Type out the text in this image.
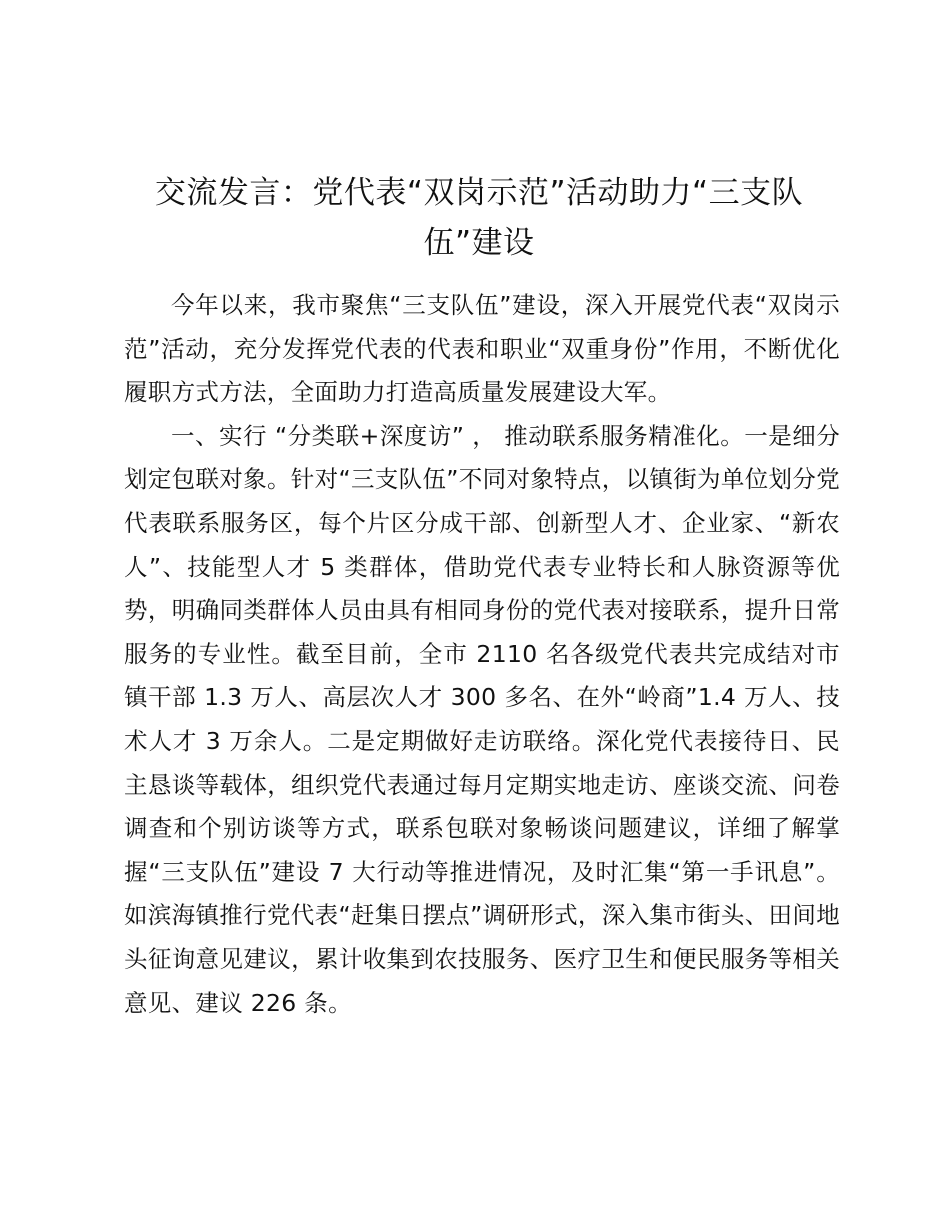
交流发言：党代表“双岗示范”活动助力“三支队伍”建设

今年以来，我市聚焦“三支队伍”建设，深入开展党代表“双岗示范”活动，充分发挥党代表的代表和职业“双重身份”作用，不断优化履职方式方法，全面助力打造高质量发展建设大军。

一、实行 “分类联+深度访” ， 推动联系服务精准化。一是细分划定包联对象。针对“三支队伍”不同对象特点，以镇街为单位划分党代表联系服务区，每个片区分成干部、创新型人才、企业家、“新农人”、技能型人才 5 类群体，借助党代表专业特长和人脉资源等优势，明确同类群体人员由具有相同身份的党代表对接联系，提升日常服务的专业性。截至目前，全市 2110 名各级党代表共完成结对市镇干部 1.3 万人、高层次人才 300 多名、在外“岭商”1.4 万人、技术人才 3 万余人。二是定期做好走访联络。深化党代表接待日、民主恳谈等载体，组织党代表通过每月定期实地走访、座谈交流、问卷调查和个别访谈等方式，联系包联对象畅谈问题建议，详细了解掌握“三支队伍”建设 7 大行动等推进情况，及时汇集“第一手讯息”。如滨海镇推行党代表“赶集日摆点”调研形式，深入集市街头、田间地头征询意见建议，累计收集到农技服务、医疗卫生和便民服务等相关意见、建议 226 条。
